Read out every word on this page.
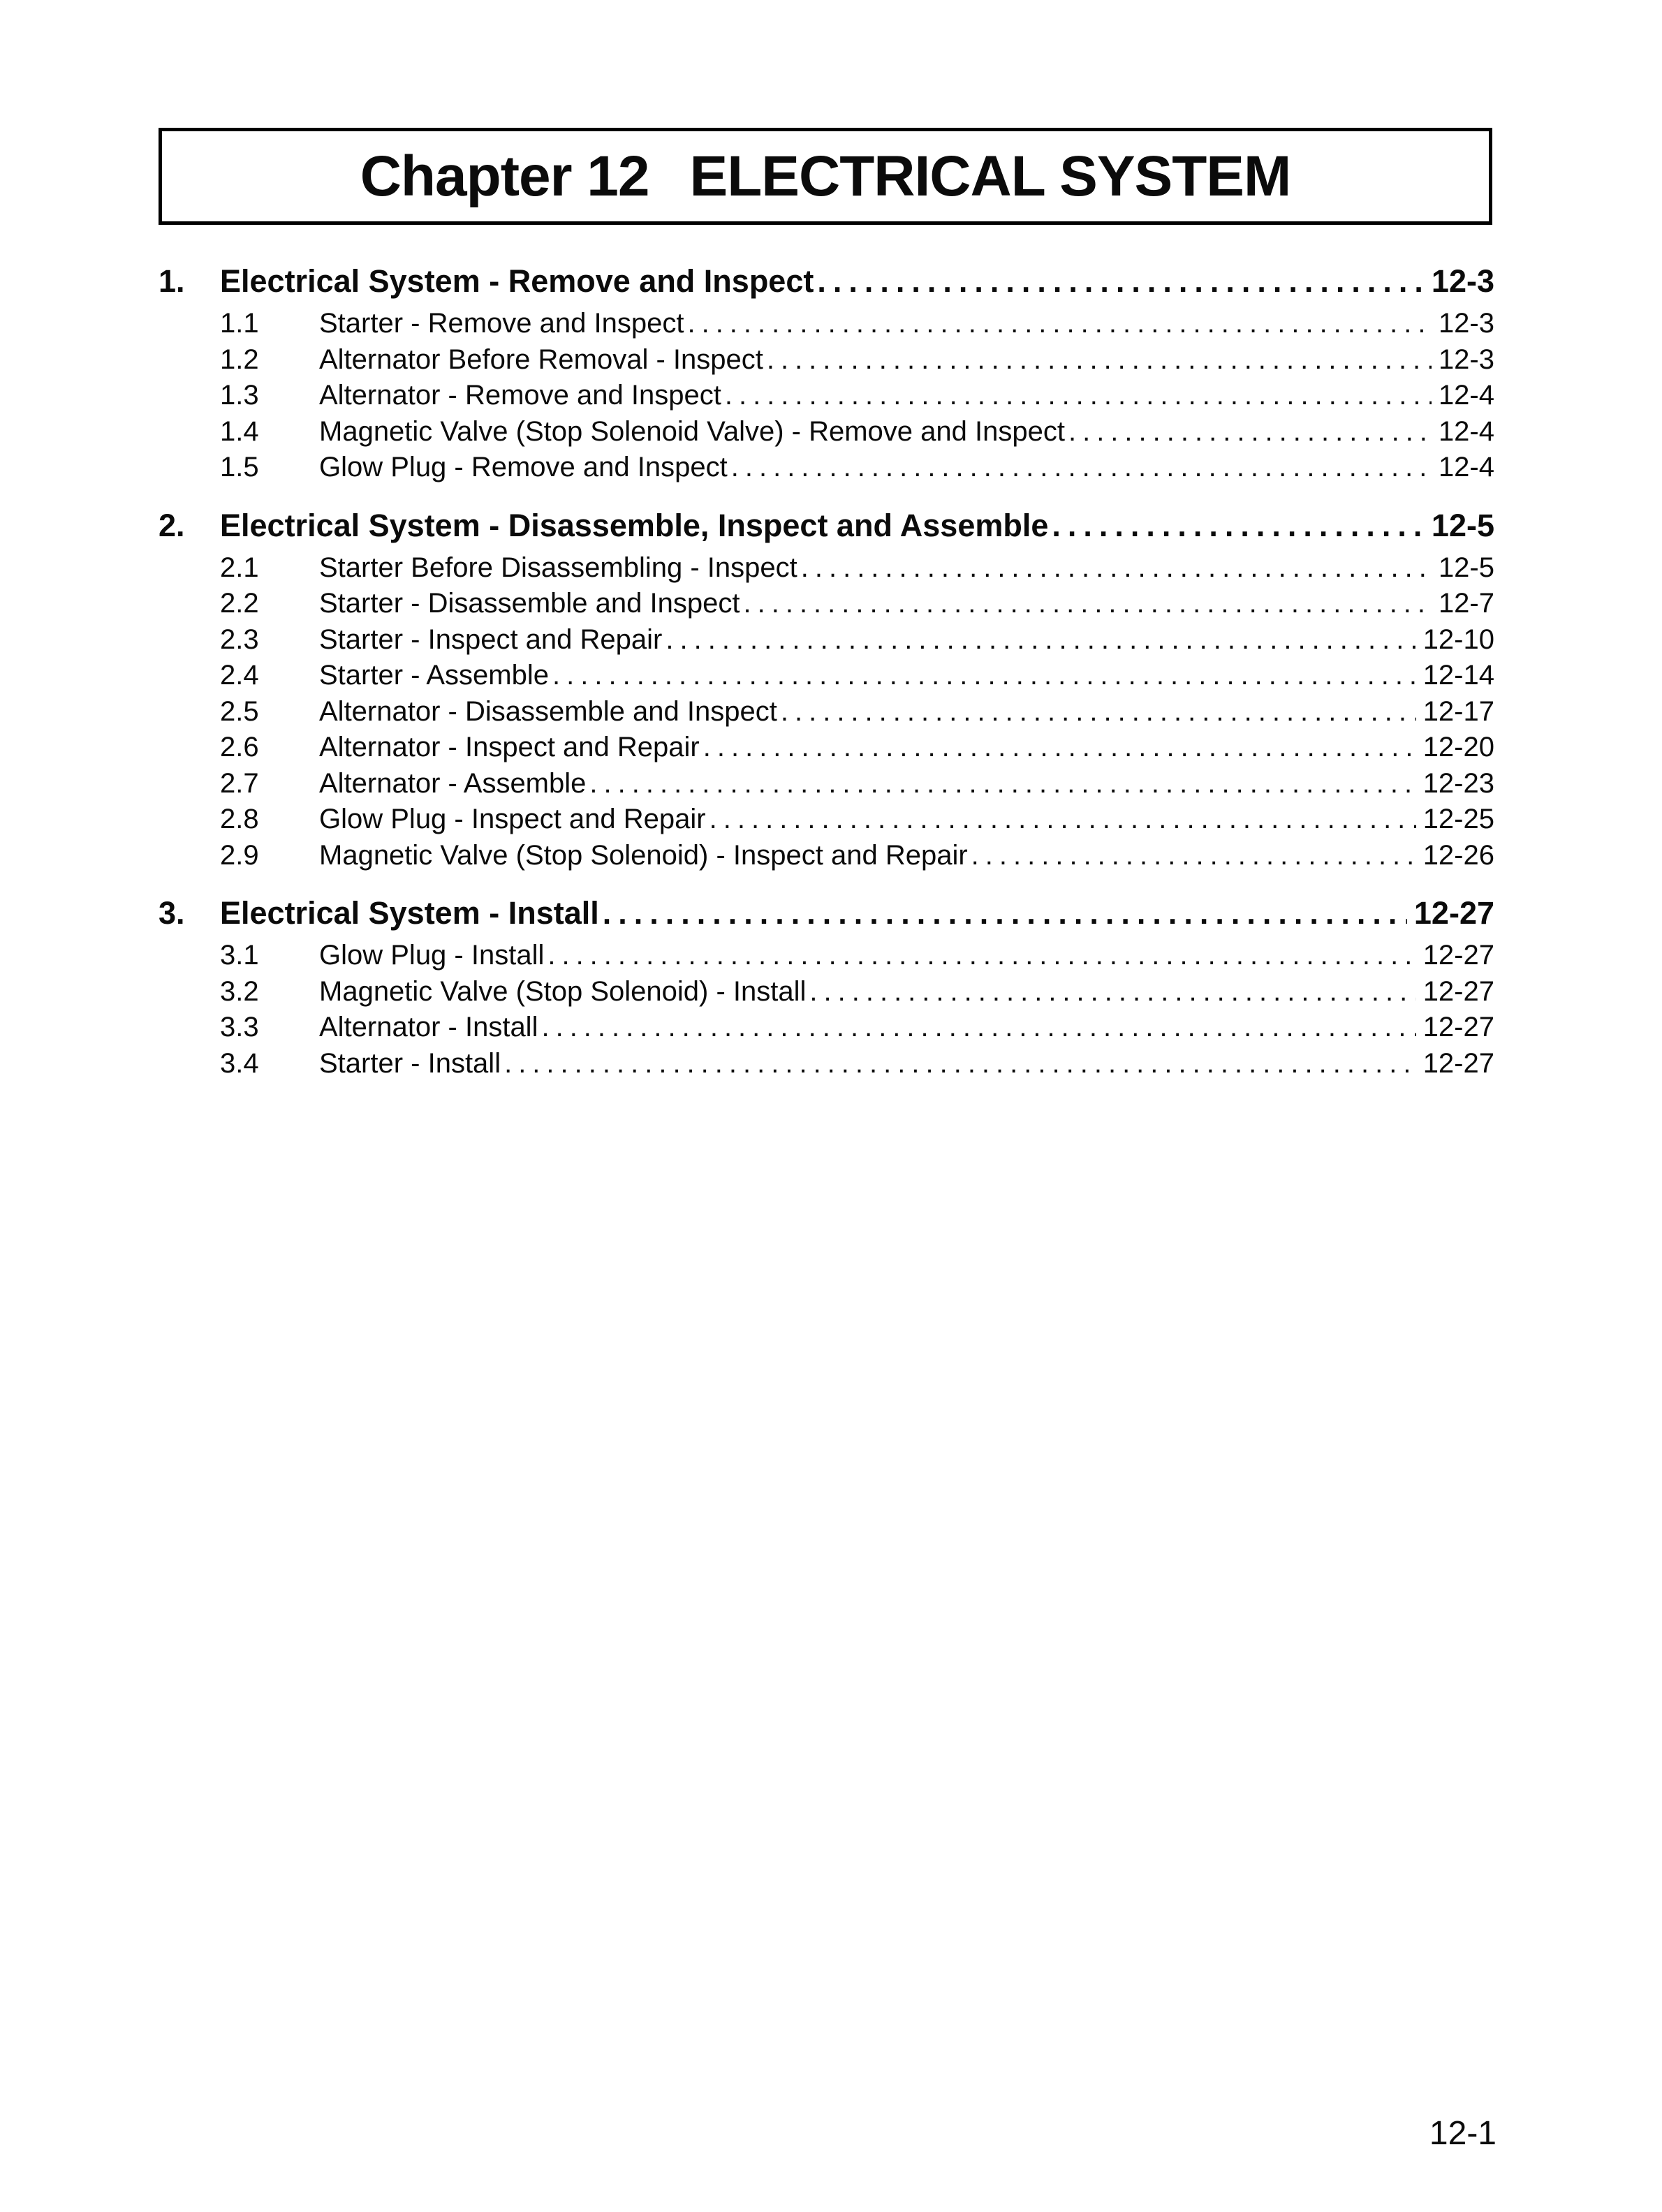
Chapter 12 ELECTRICAL SYSTEM
1.	Electrical System - Remove and Inspect .....	12-3
1.1	Starter - Remove and Inspect .....	12-3
1.2	Alternator Before Removal - Inspect .....	12-3
1.3	Alternator - Remove and Inspect .....	12-4
1.4	Magnetic Valve (Stop Solenoid Valve) - Remove and Inspect .....	12-4
1.5	Glow Plug - Remove and Inspect .....	12-4
2.	Electrical System - Disassemble, Inspect and Assemble .....	12-5
2.1	Starter Before Disassembling - Inspect .....	12-5
2.2	Starter - Disassemble and Inspect .....	12-7
2.3	Starter - Inspect and Repair .....	12-10
2.4	Starter - Assemble .....	12-14
2.5	Alternator - Disassemble and Inspect .....	12-17
2.6	Alternator - Inspect and Repair .....	12-20
2.7	Alternator - Assemble .....	12-23
2.8	Glow Plug - Inspect and Repair .....	12-25
2.9	Magnetic Valve (Stop Solenoid) - Inspect and Repair .....	12-26
3.	Electrical System - Install .....	12-27
3.1	Glow Plug - Install .....	12-27
3.2	Magnetic Valve (Stop Solenoid) - Install .....	12-27
3.3	Alternator - Install .....	12-27
3.4	Starter - Install .....	12-27
12-1
